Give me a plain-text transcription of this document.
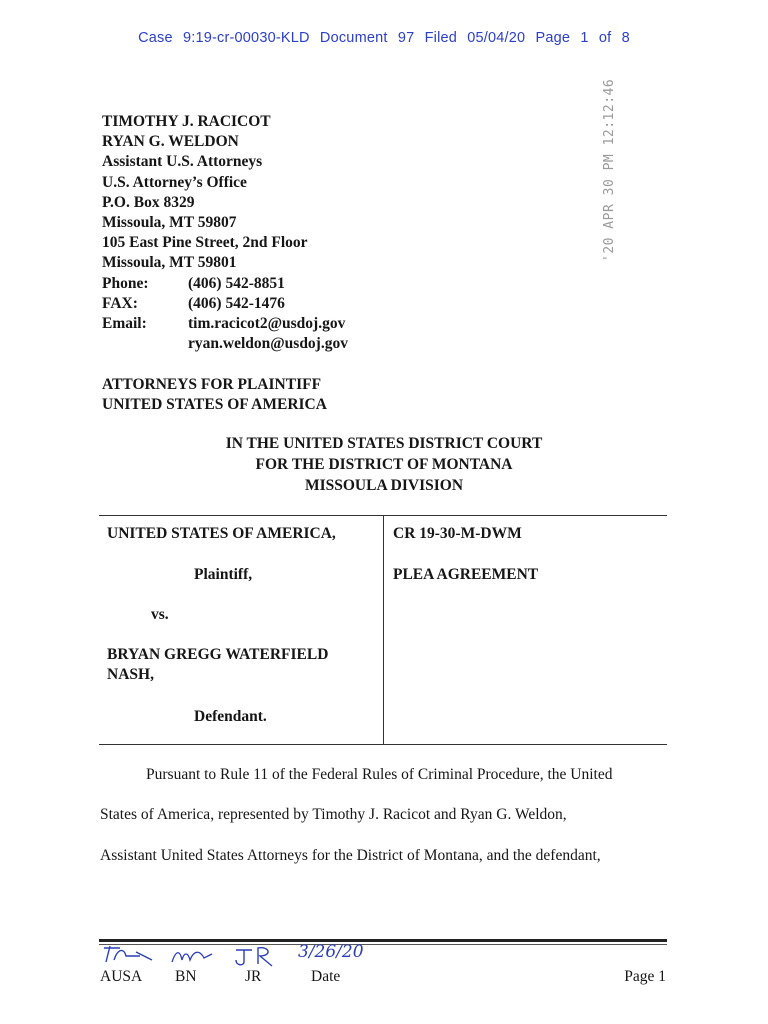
Case 9:19-cr-00030-KLD Document 97 Filed 05/04/20 Page 1 of 8
'20 APR 30 PM 12:12:46
TIMOTHY J. RACICOT
RYAN G. WELDON
Assistant U.S. Attorneys
U.S. Attorney’s Office
P.O. Box 8329
Missoula, MT 59807
105 East Pine Street, 2nd Floor
Missoula, MT 59801
Phone:	(406) 542-8851
FAX:	(406) 542-1476
Email:	tim.racicot2@usdoj.gov
ryan.weldon@usdoj.gov
ATTORNEYS FOR PLAINTIFF
UNITED STATES OF AMERICA
IN THE UNITED STATES DISTRICT COURT
FOR THE DISTRICT OF MONTANA
MISSOULA DIVISION
UNITED STATES OF AMERICA,
Plaintiff,
vs.
BRYAN GREGG WATERFIELD
NASH,
Defendant.
CR 19-30-M-DWM
PLEA AGREEMENT
Pursuant to Rule 11 of the Federal Rules of Criminal Procedure, the United
States of America, represented by Timothy J. Racicot and Ryan G. Weldon,
Assistant United States Attorneys for the District of Montana, and the defendant,
3/26/20
AUSA BN	JR	Date	Page 1
